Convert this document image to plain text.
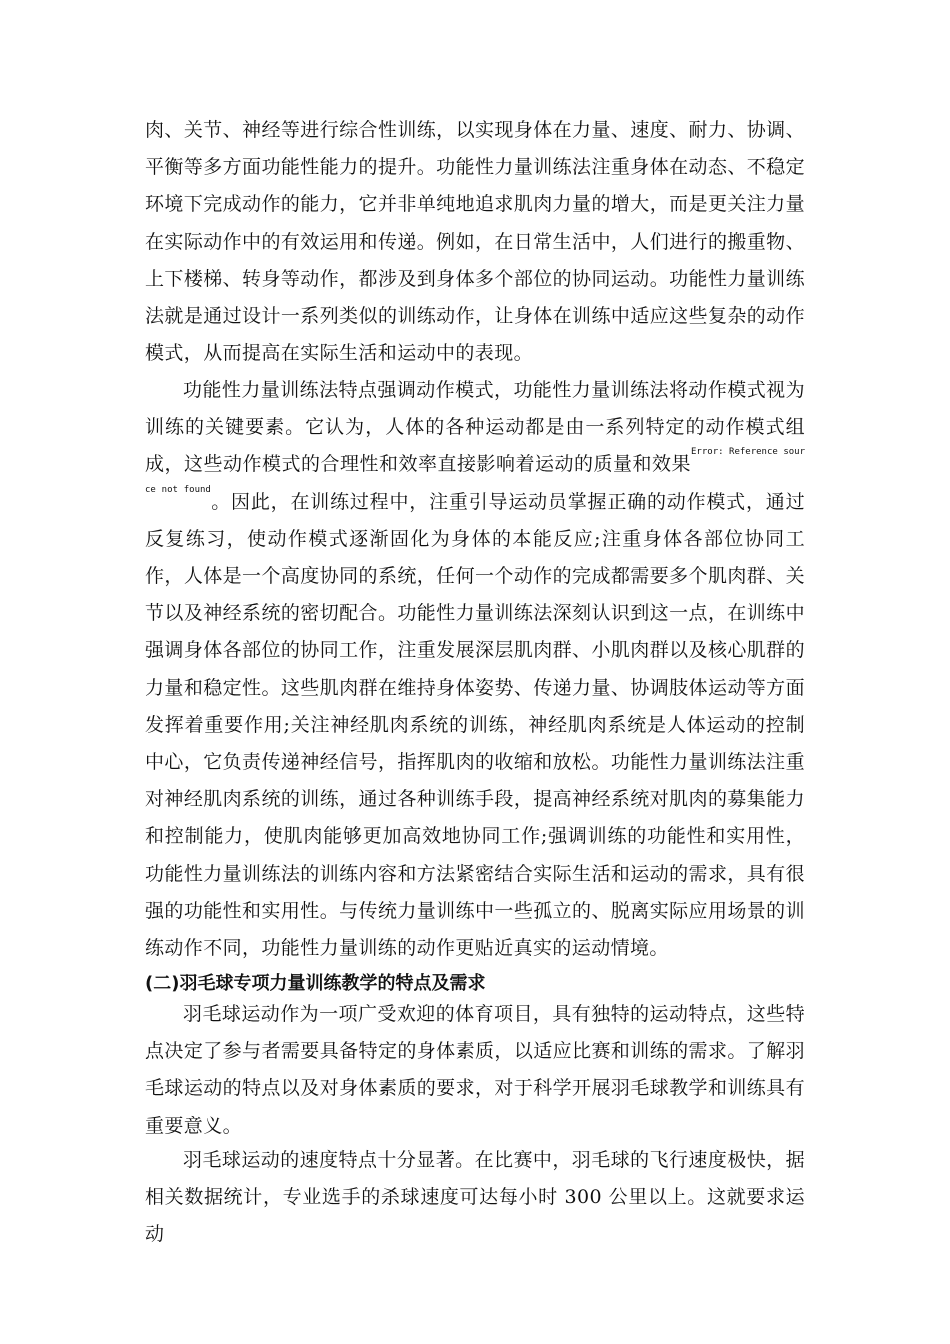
肉、关节、神经等进行综合性训练，以实现身体在力量、速度、耐力、协调、平衡等多方面功能性能力的提升。功能性力量训练法注重身体在动态、不稳定环境下完成动作的能力，它并非单纯地追求肌肉力量的增大，而是更关注力量在实际动作中的有效运用和传递。例如，在日常生活中，人们进行的搬重物、上下楼梯、转身等动作，都涉及到身体多个部位的协同运动。功能性力量训练法就是通过设计一系列类似的训练动作，让身体在训练中适应这些复杂的动作模式，从而提高在实际生活和运动中的表现。

功能性力量训练法特点强调动作模式，功能性力量训练法将动作模式视为训练的关键要素。它认为，人体的各种运动都是由一系列特定的动作模式组成，这些动作模式的合理性和效率直接影响着运动的质量和效果$^{Error: Reference source not found}$。因此，在训练过程中，注重引导运动员掌握正确的动作模式，通过反复练习，使动作模式逐渐固化为身体的本能反应;注重身体各部位协同工作，人体是一个高度协同的系统，任何一个动作的完成都需要多个肌肉群、关节以及神经系统的密切配合。功能性力量训练法深刻认识到这一点，在训练中强调身体各部位的协同工作，注重发展深层肌肉群、小肌肉群以及核心肌群的力量和稳定性。这些肌肉群在维持身体姿势、传递力量、协调肢体运动等方面发挥着重要作用;关注神经肌肉系统的训练，神经肌肉系统是人体运动的控制中心，它负责传递神经信号，指挥肌肉的收缩和放松。功能性力量训练法注重对神经肌肉系统的训练，通过各种训练手段，提高神经系统对肌肉的募集能力和控制能力，使肌肉能够更加高效地协同工作;强调训练的功能性和实用性，功能性力量训练法的训练内容和方法紧密结合实际生活和运动的需求，具有很强的功能性和实用性。与传统力量训练中一些孤立的、脱离实际应用场景的训练动作不同，功能性力量训练的动作更贴近真实的运动情境。

(二)羽毛球专项力量训练教学的特点及需求

羽毛球运动作为一项广受欢迎的体育项目，具有独特的运动特点，这些特点决定了参与者需要具备特定的身体素质，以适应比赛和训练的需求。了解羽毛球运动的特点以及对身体素质的要求，对于科学开展羽毛球教学和训练具有重要意义。

羽毛球运动的速度特点十分显著。在比赛中，羽毛球的飞行速度极快，据相关数据统计，专业选手的杀球速度可达每小时 300 公里以上。这就要求运动
